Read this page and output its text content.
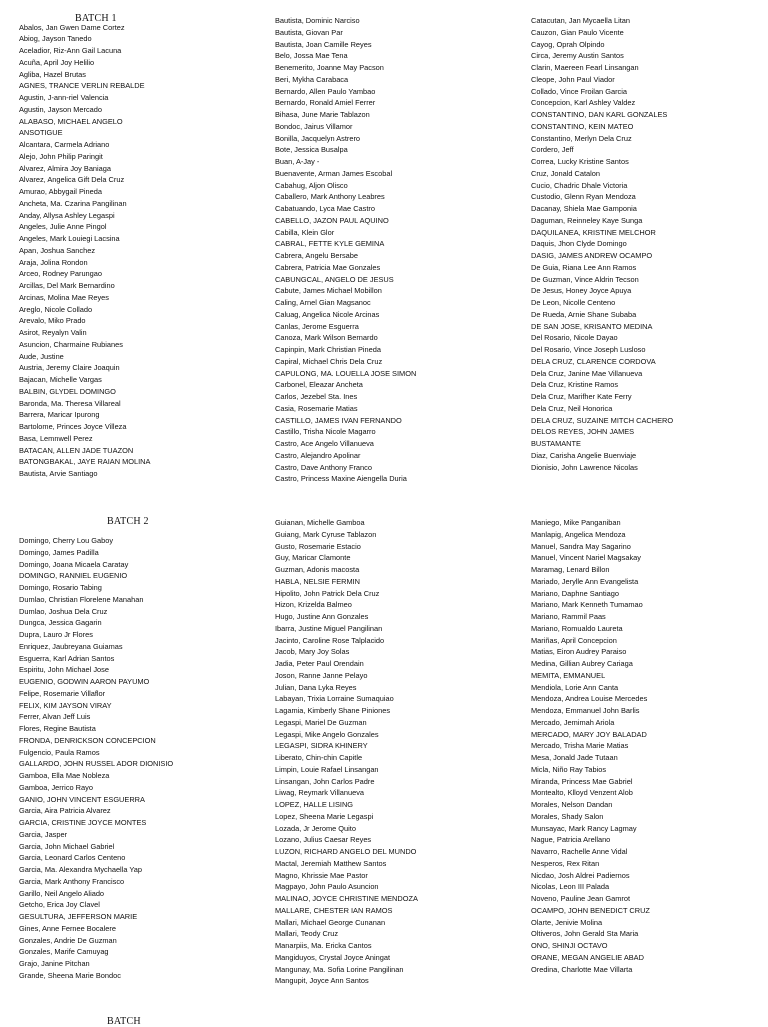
BATCH 1
Abalos, Jan Gwen Dame Cortez
Abiog, Jayson Tanedo
Aceladior, Riz-Ann Gail Lacuna
Acuña, April Joy Helilio
Agliba, Hazel Brutas
AGNES, TRANCE VERLIN REBALDE
Agustin, J-ann-riel Valencia
Agustin, Jayson Mercado
ALABASO, MICHAEL ANGELO
ANSOTIGUE
Alcantara, Carmela Adriano
Alejo, John Philip Paringit
Alvarez, Almira Joy Baniaga
Alvarez, Angelica Gift Dela Cruz
Amurao, Abbygail Pineda
Ancheta, Ma. Czarina Pangilinan
Anday, Allysa Ashley Legaspi
Angeles, Julie Anne Pingol
Angeles, Mark Louiegi Lacsina
Apan, Joshua Sanchez
Araja, Jolina Rondon
Arceo, Rodney Parungao
Arcillas, Del Mark Bernardino
Arcinas, Molina Mae Reyes
Areglo, Nicole Collado
Arevalo, Miko Prado
Asirot, Reyalyn Valin
Asuncion, Charmaine Rubianes
Aude, Justine
Austria, Jeremy Claire Joaquin
Bajacan, Michelle Vargas
BALBIN, GLYDEL DOMINGO
Baronda, Ma. Theresa Villareal
Barrera, Maricar Ipurong
Bartolome, Princes Joyce Villeza
Basa, Lemnwell Perez
BATACAN, ALLEN JADE TUAZON
BATONGBAKAL, JAYE RAIAN MOLINA
Bautista, Arvie Santiago
Bautista, Dominic Narciso
Bautista, Giovan Par
Bautista, Joan Camille Reyes
Belo, Jossa Mae Tena
Benemerito, Joanne May Pacson
Beri, Mykha Carabaca
Bernardo, Allen Paulo Yambao
Bernardo, Ronald Amiel Ferrer
Bihasa, June Marie Tablazon
Bondoc, Jairus Villamor
Bonilla, Jacquelyn Astrero
Bote, Jessica Busalpa
Buan, A-Jay -
Buenavente, Arman James Escobal
Cabahug, Aljon Olisco
Caballero, Mark Anthony Leabres
Cabatuando, Lyca Mae Castro
CABELLO, JAZON PAUL AQUINO
Cabilla, Klein Glor
CABRAL, FETTE KYLE GEMINA
Cabrera, Angelu Bersabe
Cabrera, Patricia Mae Gonzales
CABUNGCAL, ANGELO DE JESUS
Cabute, James Michael Mobillon
Caling, Arnel Gian Magsanoc
Caluag, Angelica Nicole Arcinas
Canlas, Jerome Esguerra
Canoza, Mark Wilson Bernardo
Capinpin, Mark Christian Pineda
Capiral, Michael Chris Dela Cruz
CAPULONG, MA. LOUELLA JOSE SIMON
Carbonel, Eleazar Ancheta
Carlos, Jezebel Sta. Ines
Casia, Rosemarie Matias
CASTILLO, JAMES IVAN FERNANDO
Castillo, Trisha Nicole Magarro
Castro, Ace Angelo Villanueva
Castro, Alejandro Apolinar
Castro, Dave Anthony Franco
Castro, Princess Maxine Aiengella Duria
Catacutan, Jan Mycaella Litan
Cauzon, Gian Paulo Vicente
Cayog, Oprah Olpindo
Circa, Jeremy Austin Santos
Clarin, Maereen Fearl Linsangan
Cleope, John Paul Viador
Collado, Vince Froilan Garcia
Concepcion, Karl Ashley Valdez
CONSTANTINO, DAN KARL GONZALES
CONSTANTINO, KEIN MATEO
Constantino, Merlyn Dela Cruz
Cordero, Jeff
Correa, Lucky Kristine Santos
Cruz, Jonald Catalon
Cucio, Chadric Dhale Victoria
Custodio, Glenn Ryan Mendoza
Dacanay, Shiela Mae Gamponia
Daguman, Reinneley Kaye Sunga
DAQUILANEA, KRISTINE MELCHOR
Daquis, Jhon Clyde Domingo
DASIG, JAMES ANDREW OCAMPO
De Guia, Riana Lee Ann Ramos
De Guzman, Vince Aldrin Tecson
De Jesus, Honey Joyce Apuya
De Leon, Nicolle Centeno
De Rueda, Arnie Shane Subaba
DE SAN JOSE, KRISANTO MEDINA
Del Rosario, Nicole Dayao
Del Rosario, Vince Joseph Lusloso
DELA CRUZ, CLARENCE CORDOVA
Dela Cruz, Janine Mae Villanueva
Dela Cruz, Kristine Ramos
Dela Cruz, Marifher Kate Ferry
Dela Cruz, Neil Honorica
DELA CRUZ, SUZAINE MITCH CACHERO
DELOS REYES, JOHN JAMES
BUSTAMANTE
Diaz, Carisha Angelie Buenviaje
Dionisio, John Lawrence Nicolas
BATCH 2
Domingo, Cherry Lou Gaboy
Domingo, James Padilla
Domingo, Joana Micaela Caratay
DOMINGO, RANNIEL EUGENIO
Domingo, Rosario Tabing
Dumlao, Christian Florelene Manahan
Dumlao, Joshua Dela Cruz
Dungca, Jessica Gagarin
Dupra, Lauro Jr Flores
Enriquez, Jaubreyana Guiamas
Esguerra, Karl Adrian Santos
Espiritu, John Michael Jose
EUGENIO, GODWIN AARON PAYUMO
Felipe, Rosemarie Villaflor
FELIX, KIM JAYSON VIRAY
Ferrer, Alvan Jeff Luis
Flores, Regine Bautista
FRONDA, DENRICKSON CONCEPCION
Fulgencio, Paula Ramos
GALLARDO, JOHN RUSSEL ADOR DIONISIO
Gamboa, Ella Mae Nobleza
Gamboa, Jerrico Rayo
GANIO, JOHN VINCENT ESGUERRA
Garcia, Aira Patricia Alvarez
GARCIA, CRISTINE JOYCE MONTES
Garcia, Jasper
Garcia, John Michael Gabriel
Garcia, Leonard Carlos Centeno
Garcia, Ma. Alexandra Mychaella Yap
Garcia, Mark Anthony Francisco
Garillo, Neil Angelo Aliado
Getcho, Erica Joy Clavel
GESULTURA, JEFFERSON MARIE
Gines, Anne Fernee Bocalere
Gonzales, Andrie De Guzman
Gonzales, Marife Camuyag
Grajo, Janine Pitchan
Grande, Sheena Marie Bondoc
Guianan, Michelle Gamboa
Guiang, Mark Cyruse Tablazon
Gusto, Rosemarie Estacio
Guy, Maricar Clamonte
Guzman, Adonis macosta
HABLA, NELSIE FERMIN
Hipolito, John Patrick Dela Cruz
Hizon, Krizelda Balmeo
Hugo, Justine Ann Gonzales
Ibarra, Justine Miguel Pangilinan
Jacinto, Caroline Rose Talplacido
Jacob, Mary Joy Solas
Jadia, Peter Paul Orendain
Joson, Ranne Janne Pelayo
Julian, Dana Lyka Reyes
Labayan, Trixia Lorraine Sumaquiao
Lagamia, Kimberly Shane Piniones
Legaspi, Mariel De Guzman
Legaspi, Mike Angelo Gonzales
LEGASPI, SIDRA KHINERY
Liberato, Chin-chin Capitle
Limpin, Louie Rafael Linsangan
Linsangan, John Carlos Padre
Liwag, Reymark Villanueva
LOPEZ, HALLE LISING
Lopez, Sheena Marie Legaspi
Lozada, Jr Jerome Quito
Lozano, Julius Caesar Reyes
LUZON, RICHARD ANGELO DEL MUNDO
Mactal, Jeremiah Matthew Santos
Magno, Khrissie Mae Pastor
Magpayo, John Paulo Asuncion
MALINAO, JOYCE CHRISTINE MENDOZA
MALLARE, CHESTER IAN RAMOS
Mallari, Michael George Cunanan
Mallari, Teody Cruz
Manarpiis, Ma. Ericka Cantos
Mangiduyos, Crystal Joyce Aningat
Mangunay, Ma. Sofia Lorine Pangilinan
Mangupit, Joyce Ann Santos
Maniego, Mike Panganiban
Manlapig, Angelica Mendoza
Manuel, Sandra May Sagarino
Manuel, Vincent Nariel Magsakay
Maramag, Lenard Billon
Mariado, Jerylle Ann Evangelista
Mariano, Daphne Santiago
Mariano, Mark Kenneth Tumamao
Mariano, Rammil Paas
Mariano, Romualdo Laureta
Mariñas, April Concepcion
Matias, Eiron Audrey Paraiso
Medina, Gillian Aubrey Cariaga
MEMITA, EMMANUEL
Mendiola, Lorie Ann Canta
Mendoza, Andrea Louise Mercedes
Mendoza, Emmanuel John Barlis
Mercado, Jemimah Ariola
MERCADO, MARY JOY BALADAD
Mercado, Trisha Marie Matias
Mesa, Jonald Jade Tutaan
Micla, Niño Ray Tabios
Miranda, Princess Mae Gabriel
Montealto, Klloyd Venzent Alob
Morales, Nelson Dandan
Morales, Shady Salon
Munsayac, Mark Rancy Lagmay
Nague, Patricia Arellano
Navarro, Rachelle Anne Vidal
Nesperos, Rex Ritan
Nicdao, Josh Aldrei Padiernos
Nicolas, Leon III Palada
Noveno, Pauline Jean Gamrot
OCAMPO, JOHN BENEDICT CRUZ
Olarte, Jenivie Molina
Oltiveros, John Gerald Sta Maria
ONO, SHINJI OCTAVO
ORANE, MEGAN ANGELIE ABAD
Oredina, Charlotte Mae Villarta
BATCH
